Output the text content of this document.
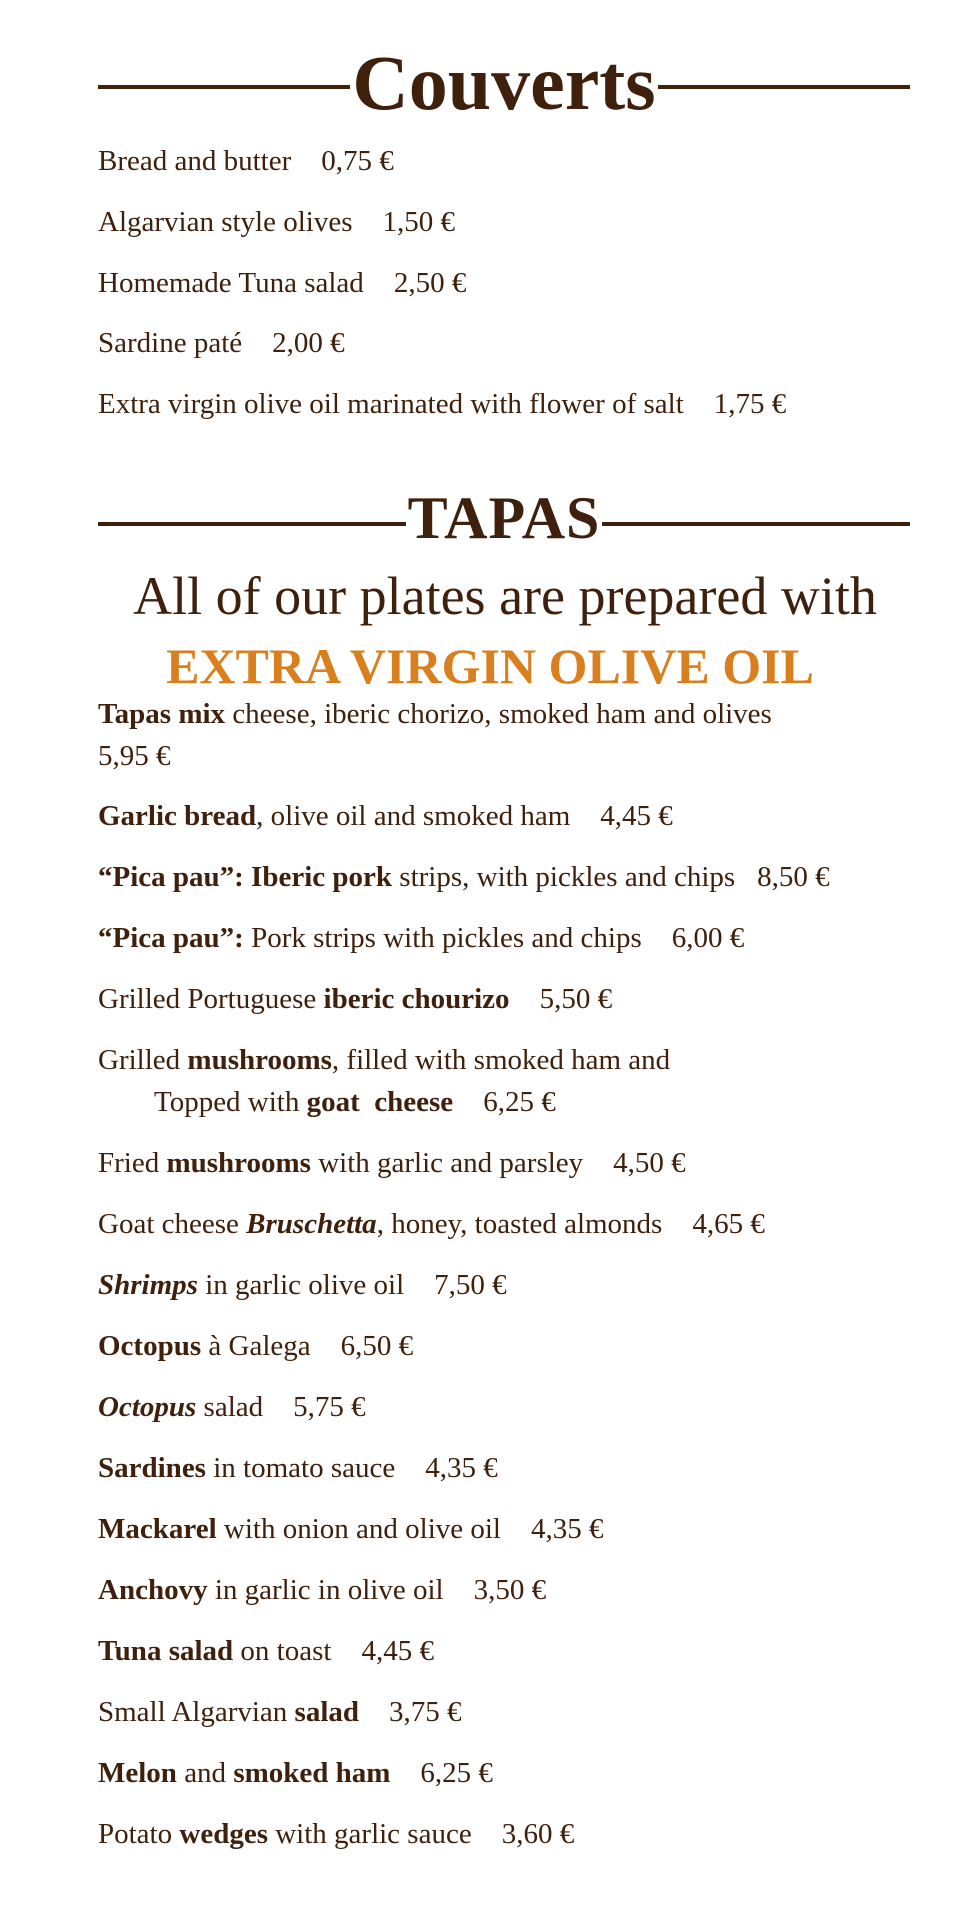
Couverts
Bread and butter 0,75 €
Algarvian style olives 1,50 €
Homemade Tuna salad 2,50 €
Sardine paté 2,00 €
Extra virgin olive oil marinated with flower of salt 1,75 €
TAPAS
All of our plates are prepared with
EXTRA VIRGIN OLIVE OIL
Tapas mix cheese, iberic chorizo, smoked ham and olives
5,95 €
Garlic bread, olive oil and smoked ham 4,45 €
“Pica pau”: Iberic pork strips, with pickles and chips 8,50 €
“Pica pau”: Pork strips with pickles and chips 6,00 €
Grilled Portuguese iberic chourizo 5,50 €
Grilled mushrooms, filled with smoked ham and
Topped with goat  cheese 6,25 €
Fried mushrooms with garlic and parsley 4,50 €
Goat cheese Bruschetta, honey, toasted almonds 4,65 €
Shrimps in garlic olive oil 7,50 €
Octopus à Galega 6,50 €
Octopus salad 5,75 €
Sardines in tomato sauce 4,35 €
Mackarel with onion and olive oil 4,35 €
Anchovy in garlic in olive oil 3,50 €
Tuna salad on toast 4,45 €
Small Algarvian salad 3,75 €
Melon and smoked ham 6,25 €
Potato wedges with garlic sauce 3,60 €
